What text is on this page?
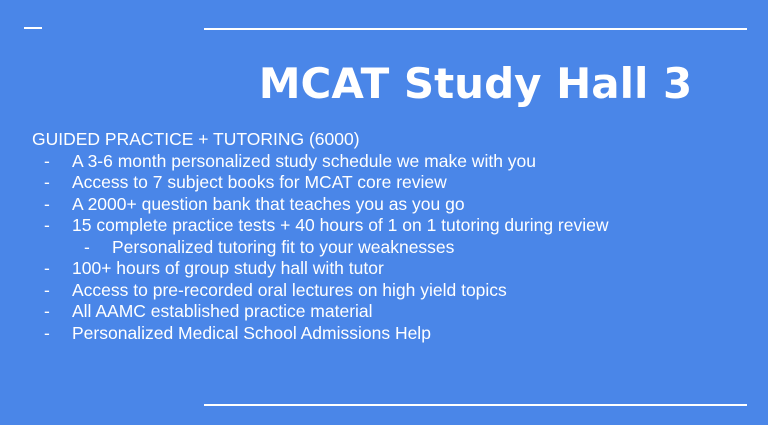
MCAT Study Hall 3

GUIDED PRACTICE + TUTORING (6000)

-	A 3-6 month personalized study schedule we make with you
-	Access to 7 subject books for MCAT core review
-	A 2000+ question bank that teaches you as you go
-	15 complete practice tests + 40 hours of 1 on 1 tutoring during review
-	Personalized tutoring fit to your weaknesses
-	100+ hours of group study hall with tutor
-	Access to pre-recorded oral lectures on high yield topics
-	All AAMC established practice material
-	Personalized Medical School Admissions Help
